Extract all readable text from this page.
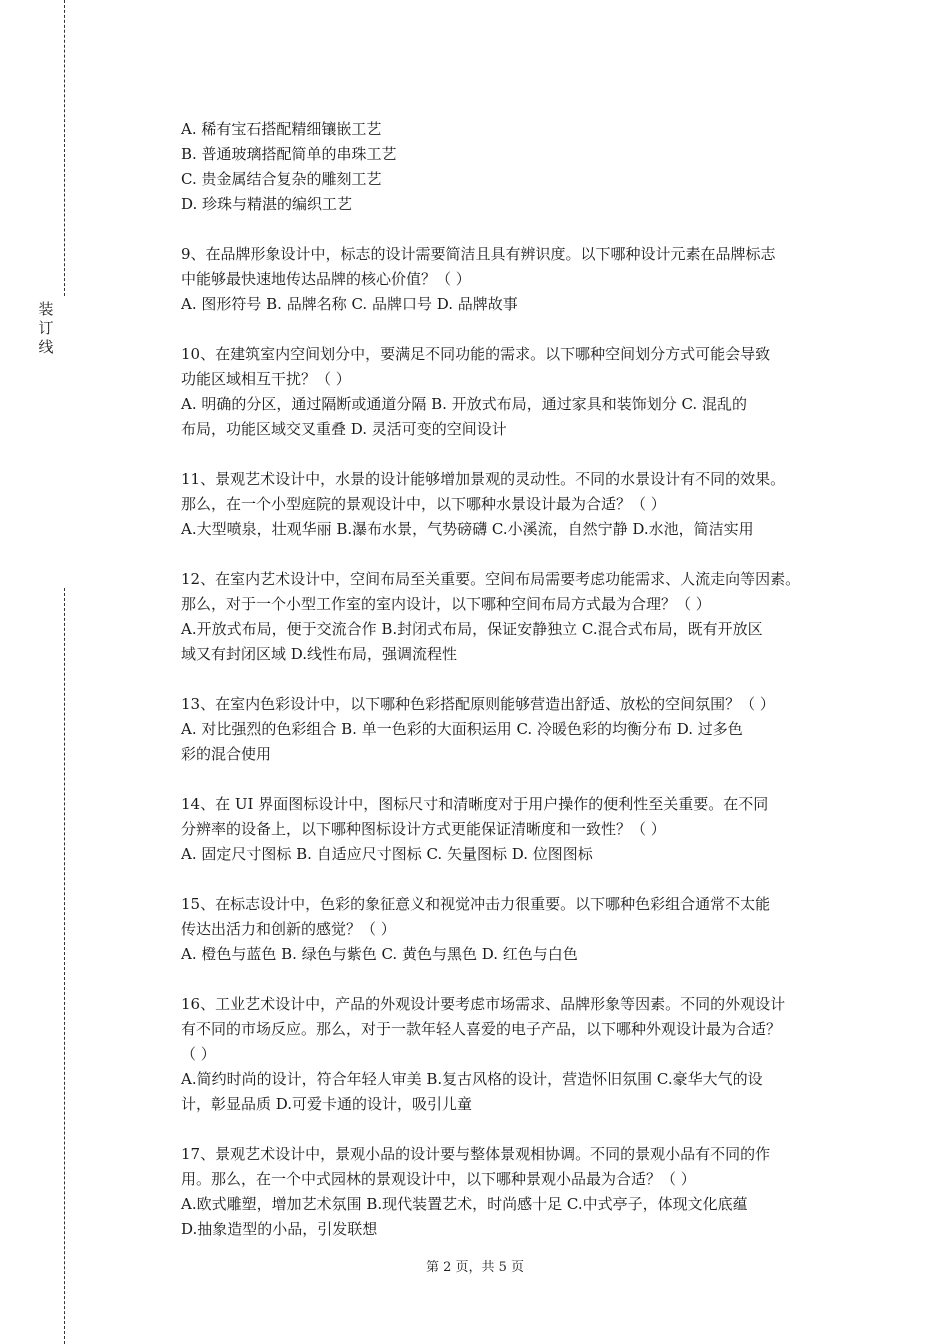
装
订
线
A. 稀有宝石搭配精细镶嵌工艺
B. 普通玻璃搭配简单的串珠工艺
C. 贵金属结合复杂的雕刻工艺
D. 珍珠与精湛的编织工艺
9、在品牌形象设计中，标志的设计需要简洁且具有辨识度。以下哪种设计元素在品牌标志
中能够最快速地传达品牌的核心价值？（ ）
A. 图形符号 B. 品牌名称 C. 品牌口号 D. 品牌故事
10、在建筑室内空间划分中，要满足不同功能的需求。以下哪种空间划分方式可能会导致
功能区域相互干扰？（ ）
A. 明确的分区，通过隔断或通道分隔 B. 开放式布局，通过家具和装饰划分 C. 混乱的
布局，功能区域交叉重叠 D. 灵活可变的空间设计
11、景观艺术设计中，水景的设计能够增加景观的灵动性。不同的水景设计有不同的效果。
那么，在一个小型庭院的景观设计中，以下哪种水景设计最为合适？（ ）
A.大型喷泉，壮观华丽 B.瀑布水景，气势磅礴 C.小溪流，自然宁静 D.水池，简洁实用
12、在室内艺术设计中，空间布局至关重要。空间布局需要考虑功能需求、人流走向等因素。
那么，对于一个小型工作室的室内设计，以下哪种空间布局方式最为合理？（ ）
A.开放式布局，便于交流合作 B.封闭式布局，保证安静独立 C.混合式布局，既有开放区
域又有封闭区域 D.线性布局，强调流程性
13、在室内色彩设计中，以下哪种色彩搭配原则能够营造出舒适、放松的空间氛围？（ ）
A. 对比强烈的色彩组合 B. 单一色彩的大面积运用 C. 冷暖色彩的均衡分布 D. 过多色
彩的混合使用
14、在 UI 界面图标设计中，图标尺寸和清晰度对于用户操作的便利性至关重要。在不同
分辨率的设备上，以下哪种图标设计方式更能保证清晰度和一致性？（ ）
A. 固定尺寸图标 B. 自适应尺寸图标 C. 矢量图标 D. 位图图标
15、在标志设计中，色彩的象征意义和视觉冲击力很重要。以下哪种色彩组合通常不太能
传达出活力和创新的感觉？（ ）
A. 橙色与蓝色 B. 绿色与紫色 C. 黄色与黑色 D. 红色与白色
16、工业艺术设计中，产品的外观设计要考虑市场需求、品牌形象等因素。不同的外观设计
有不同的市场反应。那么，对于一款年轻人喜爱的电子产品，以下哪种外观设计最为合适？
（ ）
A.简约时尚的设计，符合年轻人审美 B.复古风格的设计，营造怀旧氛围 C.豪华大气的设
计，彰显品质 D.可爱卡通的设计，吸引儿童
17、景观艺术设计中，景观小品的设计要与整体景观相协调。不同的景观小品有不同的作
用。那么，在一个中式园林的景观设计中，以下哪种景观小品最为合适？（ ）
A.欧式雕塑，增加艺术氛围 B.现代装置艺术，时尚感十足 C.中式亭子，体现文化底蕴
D.抽象造型的小品，引发联想
第 2 页，共 5 页
